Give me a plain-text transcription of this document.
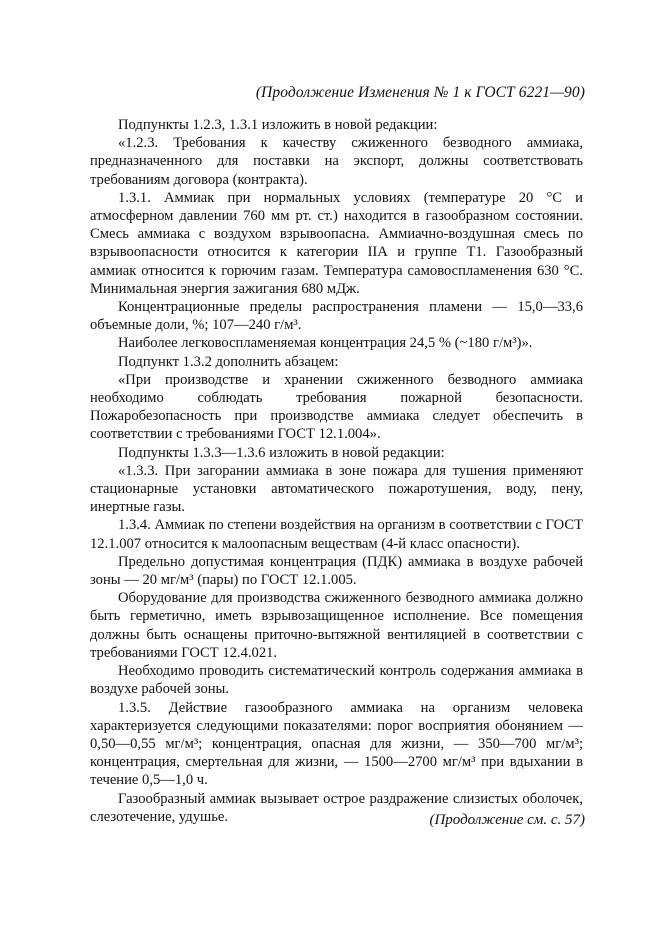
(Продолжение Изменения № 1 к ГОСТ 6221—90)

Подпункты 1.2.3, 1.3.1 изложить в новой редакции:

«1.2.3. Требования к качеству сжиженного безводного аммиака, предназначенного для поставки на экспорт, должны соответствовать требованиям договора (контракта).

1.3.1. Аммиак при нормальных условиях (температуре 20 °С и атмосферном давлении 760 мм рт. ст.) находится в газообразном состоянии. Смесь аммиака с воздухом взрывоопасна. Аммиачно-воздушная смесь по взрывоопасности относится к категории IIА и группе Т1. Газообразный аммиак относится к горючим газам. Температура самовоспламенения 630 °С. Минимальная энергия зажигания 680 мДж.

Концентрационные пределы распространения пламени — 15,0—33,6 объемные доли, %; 107—240 г/м³.

Наиболее легковоспламеняемая концентрация 24,5 % (~180 г/м³)».

Подпункт 1.3.2 дополнить абзацем:

«При производстве и хранении сжиженного безводного аммиака необходимо соблюдать требования пожарной безопасности. Пожаробезопасность при производстве аммиака следует обеспечить в соответствии с требованиями ГОСТ 12.1.004».

Подпункты 1.3.3—1.3.6 изложить в новой редакции:

«1.3.3. При загорании аммиака в зоне пожара для тушения применяют стационарные установки автоматического пожаротушения, воду, пену, инертные газы.

1.3.4. Аммиак по степени воздействия на организм в соответствии с ГОСТ 12.1.007 относится к малоопасным веществам (4-й класс опасности).

Предельно допустимая концентрация (ПДК) аммиака в воздухе рабочей зоны — 20 мг/м³ (пары) по ГОСТ 12.1.005.

Оборудование для производства сжиженного безводного аммиака должно быть герметично, иметь взрывозащищенное исполнение. Все помещения должны быть оснащены приточно-вытяжной вентиляцией в соответствии с требованиями ГОСТ 12.4.021.

Необходимо проводить систематический контроль содержания аммиака в воздухе рабочей зоны.

1.3.5. Действие газообразного аммиака на организм человека характеризуется следующими показателями: порог восприятия обонянием — 0,50—0,55 мг/м³; концентрация, опасная для жизни, — 350—700 мг/м³; концентрация, смертельная для жизни, — 1500—2700 мг/м³ при вдыхании в течение 0,5—1,0 ч.

Газообразный аммиак вызывает острое раздражение слизистых оболочек, слезотечение, удушье.	(Продолжение см. с. 57)
